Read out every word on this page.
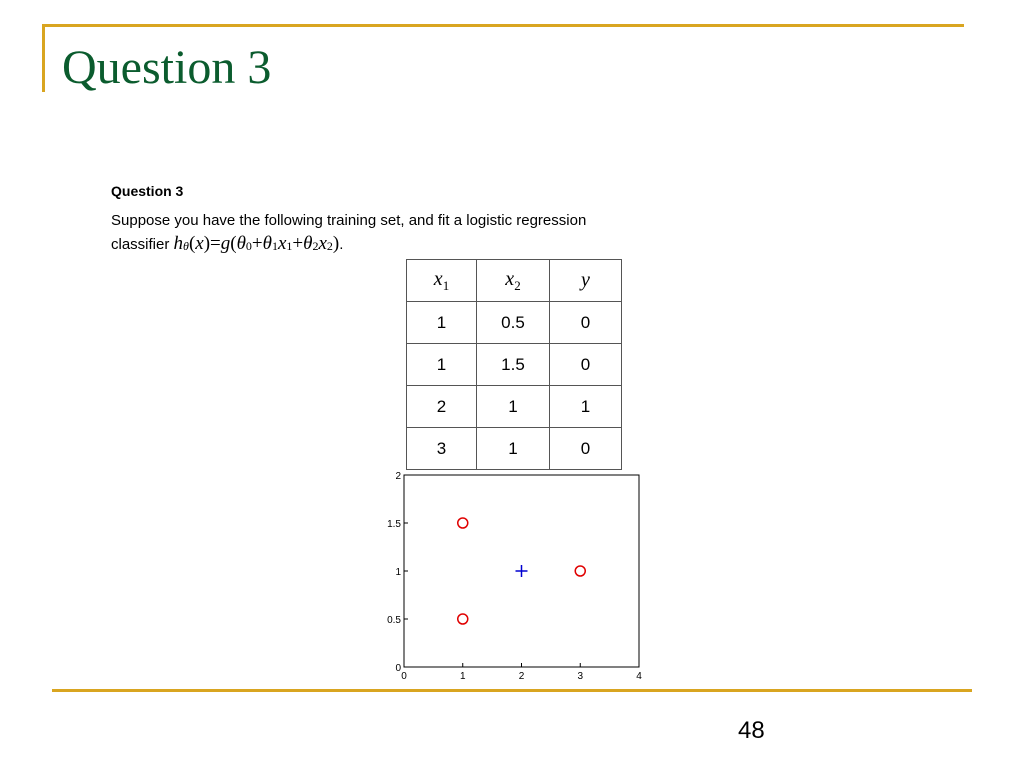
Question 3
Question 3
Suppose you have the following training set, and fit a logistic regression
classifier $h_\theta(x)=g(\theta_0+\theta_1x_1+\theta_2x_2)$.
$x_1$	$x_2$	y
1	0.5	0
1	1.5	0
2	1	1
3	1	0
0	1	2	3	4
0
0.5
1
1.5
2
48
